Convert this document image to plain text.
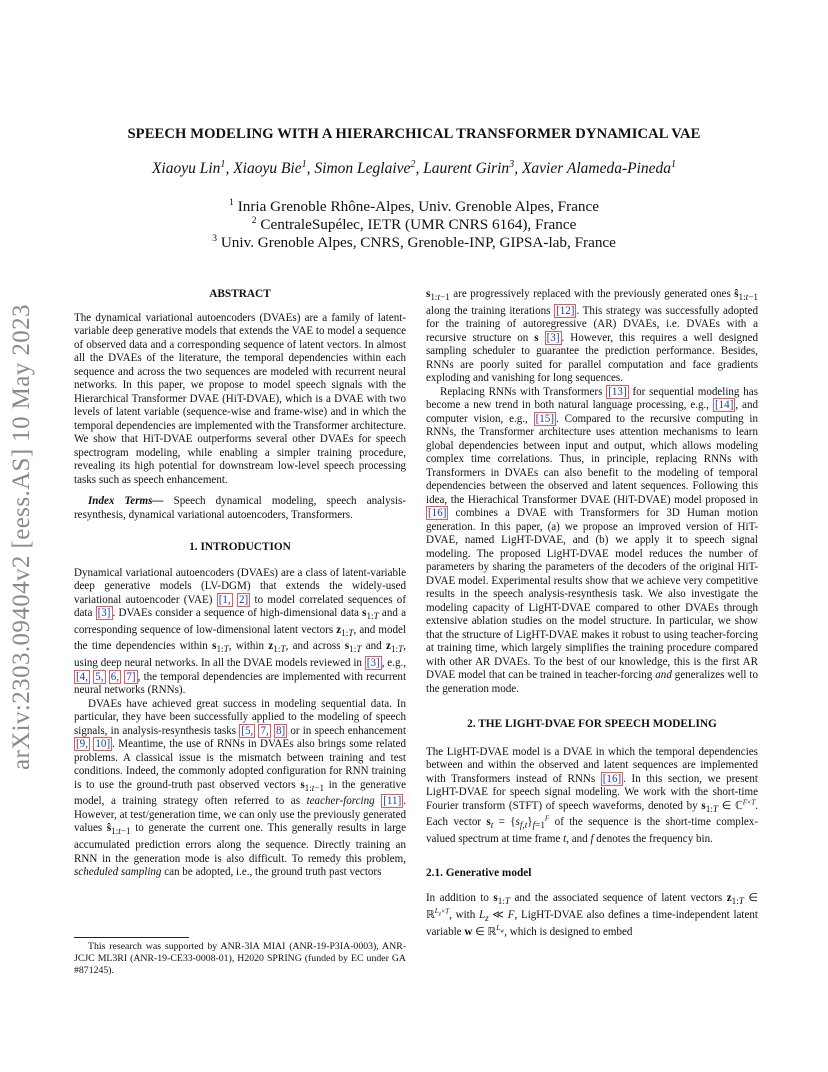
arXiv:2303.09404v2 [eess.AS] 10 May 2023
SPEECH MODELING WITH A HIERARCHICAL TRANSFORMER DYNAMICAL VAE
Xiaoyu Lin$^1$, Xiaoyu Bie$^1$, Simon Leglaive$^2$, Laurent Girin$^3$, Xavier Alameda-Pineda$^1$
$^1$ Inria Grenoble Rhône-Alpes, Univ. Grenoble Alpes, France
$^2$ CentraleSupélec, IETR (UMR CNRS 6164), France
$^3$ Univ. Grenoble Alpes, CNRS, Grenoble-INP, GIPSA-lab, France
ABSTRACT

The dynamical variational autoencoders (DVAEs) are a family of latent-variable deep generative models that extends the VAE to model a sequence of observed data and a corresponding sequence of latent vectors. In almost all the DVAEs of the literature, the temporal dependencies within each sequence and across the two sequences are modeled with recurrent neural networks. In this paper, we propose to model speech signals with the Hierarchical Transformer DVAE (HiT-DVAE), which is a DVAE with two levels of latent variable (sequence-wise and frame-wise) and in which the temporal dependencies are implemented with the Transformer architecture. We show that HiT-DVAE outperforms several other DVAEs for speech spectrogram modeling, while enabling a simpler training procedure, revealing its high potential for downstream low-level speech processing tasks such as speech enhancement.

Index Terms— Speech dynamical modeling, speech analysis-resynthesis, dynamical variational autoencoders, Transformers.

1. INTRODUCTION

Dynamical variational autoencoders (DVAEs) are a class of latent-variable deep generative models (LV-DGM) that extends the widely-used variational autoencoder (VAE) [1, 2] to model correlated sequences of data [3] . DVAEs consider a sequence of high-dimensional data $s_{1:T}$ and a corresponding sequence of low-dimensional latent vectors $z_{1:T}$, and model the time dependencies within $s_{1:T}$, within $z_{1:T}$, and across $s_{1:T}$ and $z_{1:T}$, using deep neural networks. In all the DVAE models reviewed in [3] , e.g., [4, 5, 6, 7] , the temporal dependencies are implemented with recurrent neural networks (RNNs).

DVAEs have achieved great success in modeling sequential data. In particular, they have been successfully applied to the modeling of speech signals, in analysis-resynthesis tasks [5, 7, 8] or in speech enhancement [9, 10] . Meantime, the use of RNNs in DVAEs also brings some related problems. A classical issue is the mismatch between training and test conditions. Indeed, the commonly adopted configuration for RNN training is to use the ground-truth past observed vectors $s_{1:t-1}$ in the generative model, a training strategy often referred to as teacher-forcing [11] . However, at test/generation time, we can only use the previously generated values $ŝ_{1:t-1}$ to generate the current one. This generally results in large accumulated prediction errors along the sequence. Directly training an RNN in the generation mode is also difficult. To remedy this problem, scheduled sampling can be adopted, i.e., the ground truth past vectors

This research was supported by ANR-3IA MIAI (ANR-19-P3IA-0003), ANR-JCJC ML3RI (ANR-19-CE33-0008-01), H2020 SPRING (funded by EC under GA #871245).

$s_{1:t-1}$ are progressively replaced with the previously generated ones $ŝ_{1:t-1}$ along the training iterations [12] . This strategy was successfully adopted for the training of autoregressive (AR) DVAEs, i.e. DVAEs with a recursive structure on s [3] . However, this requires a well designed sampling scheduler to guarantee the prediction performance. Besides, RNNs are poorly suited for parallel computation and face gradients exploding and vanishing for long sequences.

Replacing RNNs with Transformers [13] for sequential modeling has become a new trend in both natural language processing, e.g., [14] , and computer vision, e.g., [15] . Compared to the recursive computing in RNNs, the Transformer architecture uses attention mechanisms to learn global dependencies between input and output, which allows modeling complex time correlations. Thus, in principle, replacing RNNs with Transformers in DVAEs can also benefit to the modeling of temporal dependencies between the observed and latent sequences. Following this idea, the Hierachical Transformer DVAE (HiT-DVAE) model proposed in [16] combines a DVAE with Transformers for 3D Human motion generation. In this paper, (a) we propose an improved version of HiT-DVAE, named LigHT-DVAE, and (b) we apply it to speech signal modeling. The proposed LigHT-DVAE model reduces the number of parameters by sharing the parameters of the decoders of the original HiT-DVAE model. Experimental results show that we achieve very competitive results in the speech analysis-resynthesis task. We also investigate the modeling capacity of LigHT-DVAE compared to other DVAEs through extensive ablation studies on the model structure. In particular, we show that the structure of LigHT-DVAE makes it robust to using teacher-forcing at training time, which largely simplifies the training procedure compared with other AR DVAEs. To the best of our knowledge, this is the first AR DVAE model that can be trained in teacher-forcing and generalizes well to the generation mode.

2. THE LIGHT-DVAE FOR SPEECH MODELING

The LigHT-DVAE model is a DVAE in which the temporal dependencies between and within the observed and latent sequences are implemented with Transformers instead of RNNs [16] . In this section, we present LigHT-DVAE for speech signal modeling. We work with the short-time Fourier transform (STFT) of speech waveforms, denoted by $s_{1:T}$ ∈ ℂ$^{F\times T}$. Each vector $s_t = \{s_{f,t}\}_{f=1}^F$ of the sequence is the short-time complex-valued spectrum at time frame t, and f denotes the frequency bin.

2.1. Generative model

In addition to $s_{1:T}$ and the associated sequence of latent vectors $z_{1:T}$ ∈ ℝ$^{L_z\times T}$, with $L_z$ ≪ F, LigHT-DVAE also defines a time-independent latent variable w ∈ ℝ$^{L_w}$, which is designed to embed
